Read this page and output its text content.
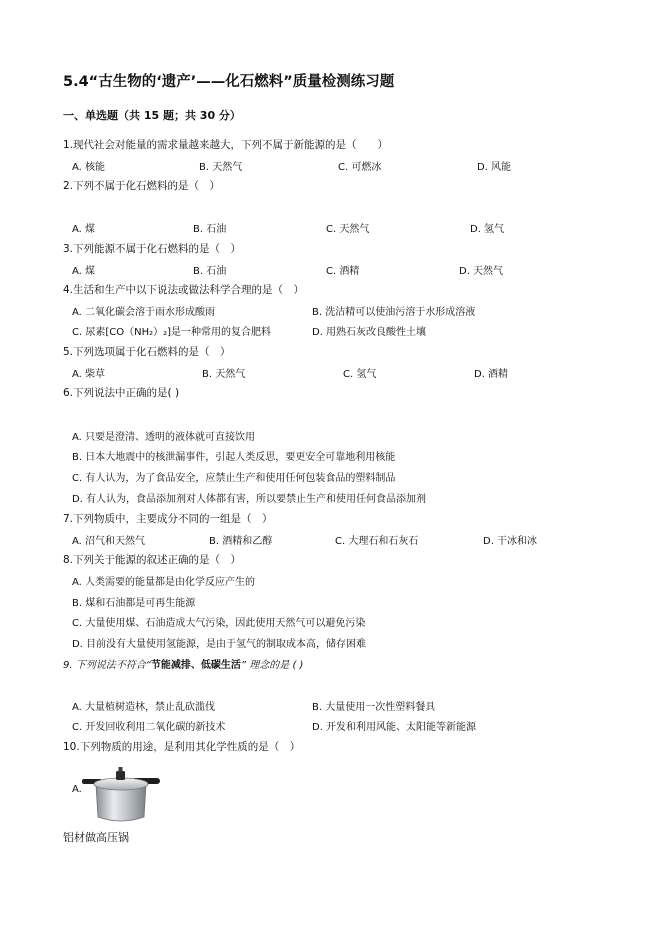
5.4“古生物的‘遗产’——化石燃料”质量检测练习题
一、单选题（共 15 题；共 30 分）
1.现代社会对能量的需求量越来越大，下列不属于新能源的是（　　）
A. 核能	B. 天然气	C. 可燃冰	D. 风能
2.下列不属于化石燃料的是（　）
A. 煤	B. 石油	C. 天然气	D. 氢气
3.下列能源不属于化石燃料的是（　）
A. 煤	B. 石油	C. 酒精	D. 天然气
4.生活和生产中以下说法或做法科学合理的是（　）
A. 二氧化碳会溶于雨水形成酸雨	B. 洗洁精可以使油污溶于水形成溶液
C. 尿素[CO（NH₂）₂]是一种常用的复合肥料	D. 用熟石灰改良酸性土壤
5.下列选项属于化石燃料的是（　）
A. 柴草	B. 天然气	C. 氢气	D. 酒精
6.下列说法中正确的是( )
A. 只要是澄清、透明的液体就可直接饮用
B. 日本大地震中的核泄漏事件，引起人类反思，要更安全可靠地利用核能
C. 有人认为，为了食品安全，应禁止生产和使用任何包装食品的塑料制品
D. 有人认为，食品添加剂对人体都有害，所以要禁止生产和使用任何食品添加剂
7.下列物质中，主要成分不同的一组是（　）
A. 沼气和天然气	B. 酒精和乙醇	C. 大理石和石灰石	D. 干冰和冰
8.下列关于能源的叙述正确的是（　）
A. 人类需要的能量都是由化学反应产生的
B. 煤和石油都是可再生能源
C. 大量使用煤、石油造成大气污染，因此使用天然气可以避免污染
D. 目前没有大量使用氢能源，是由于氢气的制取成本高，储存困难
9. 下列说法不符合“节能减排、低碳生活” 理念的是 ( )
A. 大量植树造林，禁止乱砍滥伐	B. 大量使用一次性塑料餐具
C. 开发回收利用二氧化碳的新技术	D. 开发和利用风能、太阳能等新能源
10.下列物质的用途，是利用其化学性质的是（　）
A.
铝材做高压锅
